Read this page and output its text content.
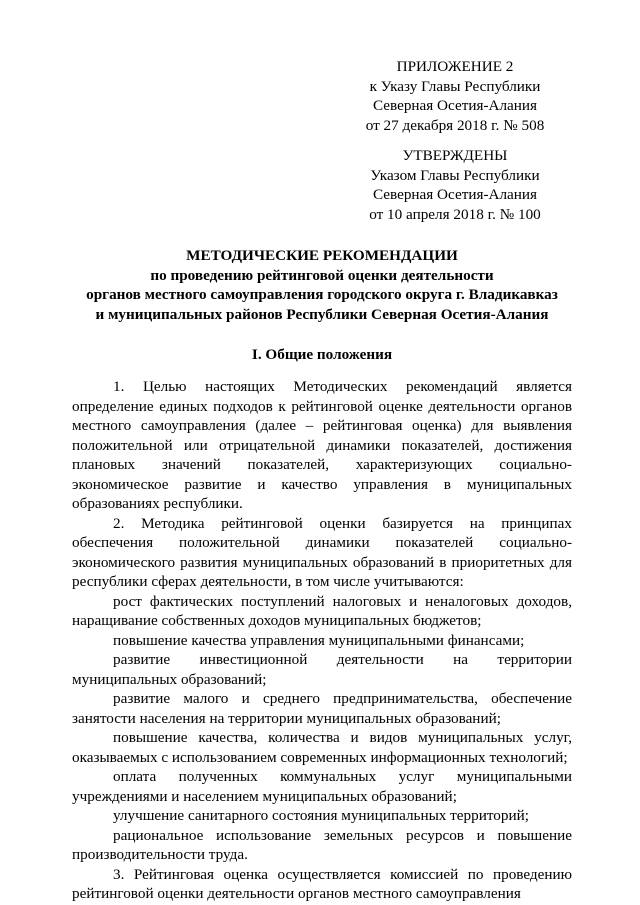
ПРИЛОЖЕНИЕ 2
к Указу Главы Республики
Северная Осетия-Алания
от 27 декабря 2018 г. № 508
УТВЕРЖДЕНЫ
Указом Главы Республики
Северная Осетия-Алания
от 10 апреля 2018 г. № 100
МЕТОДИЧЕСКИЕ РЕКОМЕНДАЦИИ
по проведению рейтинговой оценки деятельности
органов местного самоуправления городского округа г. Владикавказ
и муниципальных районов Республики Северная Осетия-Алания
I. Общие положения

1. Целью настоящих Методических рекомендаций является определение единых подходов к рейтинговой оценке деятельности органов местного самоуправления (далее – рейтинговая оценка) для выявления положительной или отрицательной динамики показателей, достижения плановых значений показателей, характеризующих социально-экономическое развитие и качество управления в муниципальных образованиях республики.

2. Методика рейтинговой оценки базируется на принципах обеспечения положительной динамики показателей социально-экономического развития муниципальных образований в приоритетных для республики сферах деятельности, в том числе учитываются:

рост фактических поступлений налоговых и неналоговых доходов, наращивание собственных доходов муниципальных бюджетов;

повышение качества управления муниципальными финансами;

развитие инвестиционной деятельности на территории муниципальных образований;

развитие малого и среднего предпринимательства, обеспечение занятости населения на территории муниципальных образований;

повышение качества, количества и видов муниципальных услуг, оказываемых с использованием современных информационных технологий;

оплата полученных коммунальных услуг муниципальными учреждениями и населением муниципальных образований;

улучшение санитарного состояния муниципальных территорий;

рациональное использование земельных ресурсов и повышение производительности труда.

3. Рейтинговая оценка осуществляется комиссией по проведению рейтинговой оценки деятельности органов местного самоуправления
